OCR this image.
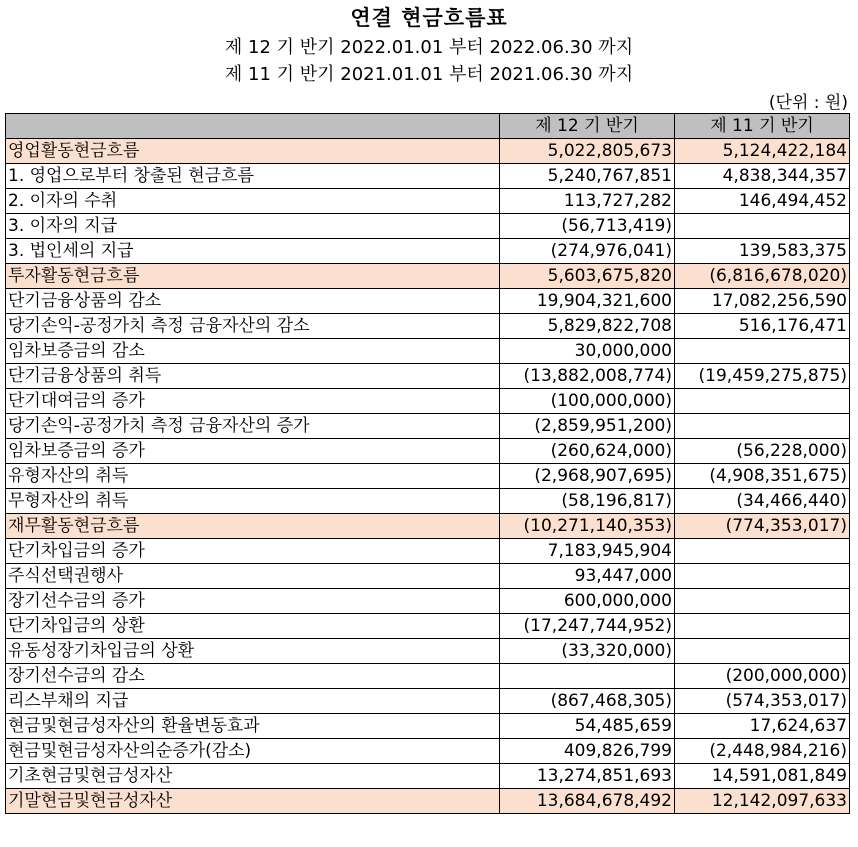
연결 현금흐름표
제 12 기 반기 2022.01.01 부터 2022.06.30 까지
제 11 기 반기 2021.01.01 부터 2021.06.30 까지
(단위 : 원)
	제 12 기 반기	제 11 기 반기
영업활동현금흐름	5,022,805,673	5,124,422,184
1. 영업으로부터 창출된 현금흐름	5,240,767,851	4,838,344,357
2. 이자의 수취	113,727,282	146,494,452
3. 이자의 지급	(56,713,419)	
3. 법인세의 지급	(274,976,041)	139,583,375
투자활동현금흐름	5,603,675,820	(6,816,678,020)
단기금융상품의 감소	19,904,321,600	17,082,256,590
당기손익-공정가치 측정 금융자산의 감소	5,829,822,708	516,176,471
임차보증금의 감소	30,000,000	
단기금융상품의 취득	(13,882,008,774)	(19,459,275,875)
단기대여금의 증가	(100,000,000)	
당기손익-공정가치 측정 금융자산의 증가	(2,859,951,200)	
임차보증금의 증가	(260,624,000)	(56,228,000)
유형자산의 취득	(2,968,907,695)	(4,908,351,675)
무형자산의 취득	(58,196,817)	(34,466,440)
재무활동현금흐름	(10,271,140,353)	(774,353,017)
단기차입금의 증가	7,183,945,904	
주식선택권행사	93,447,000	
장기선수금의 증가	600,000,000	
단기차입금의 상환	(17,247,744,952)	
유동성장기차입금의 상환	(33,320,000)	
장기선수금의 감소		(200,000,000)
리스부채의 지급	(867,468,305)	(574,353,017)
현금및현금성자산의 환율변동효과	54,485,659	17,624,637
현금및현금성자산의순증가(감소)	409,826,799	(2,448,984,216)
기초현금및현금성자산	13,274,851,693	14,591,081,849
기말현금및현금성자산	13,684,678,492	12,142,097,633
